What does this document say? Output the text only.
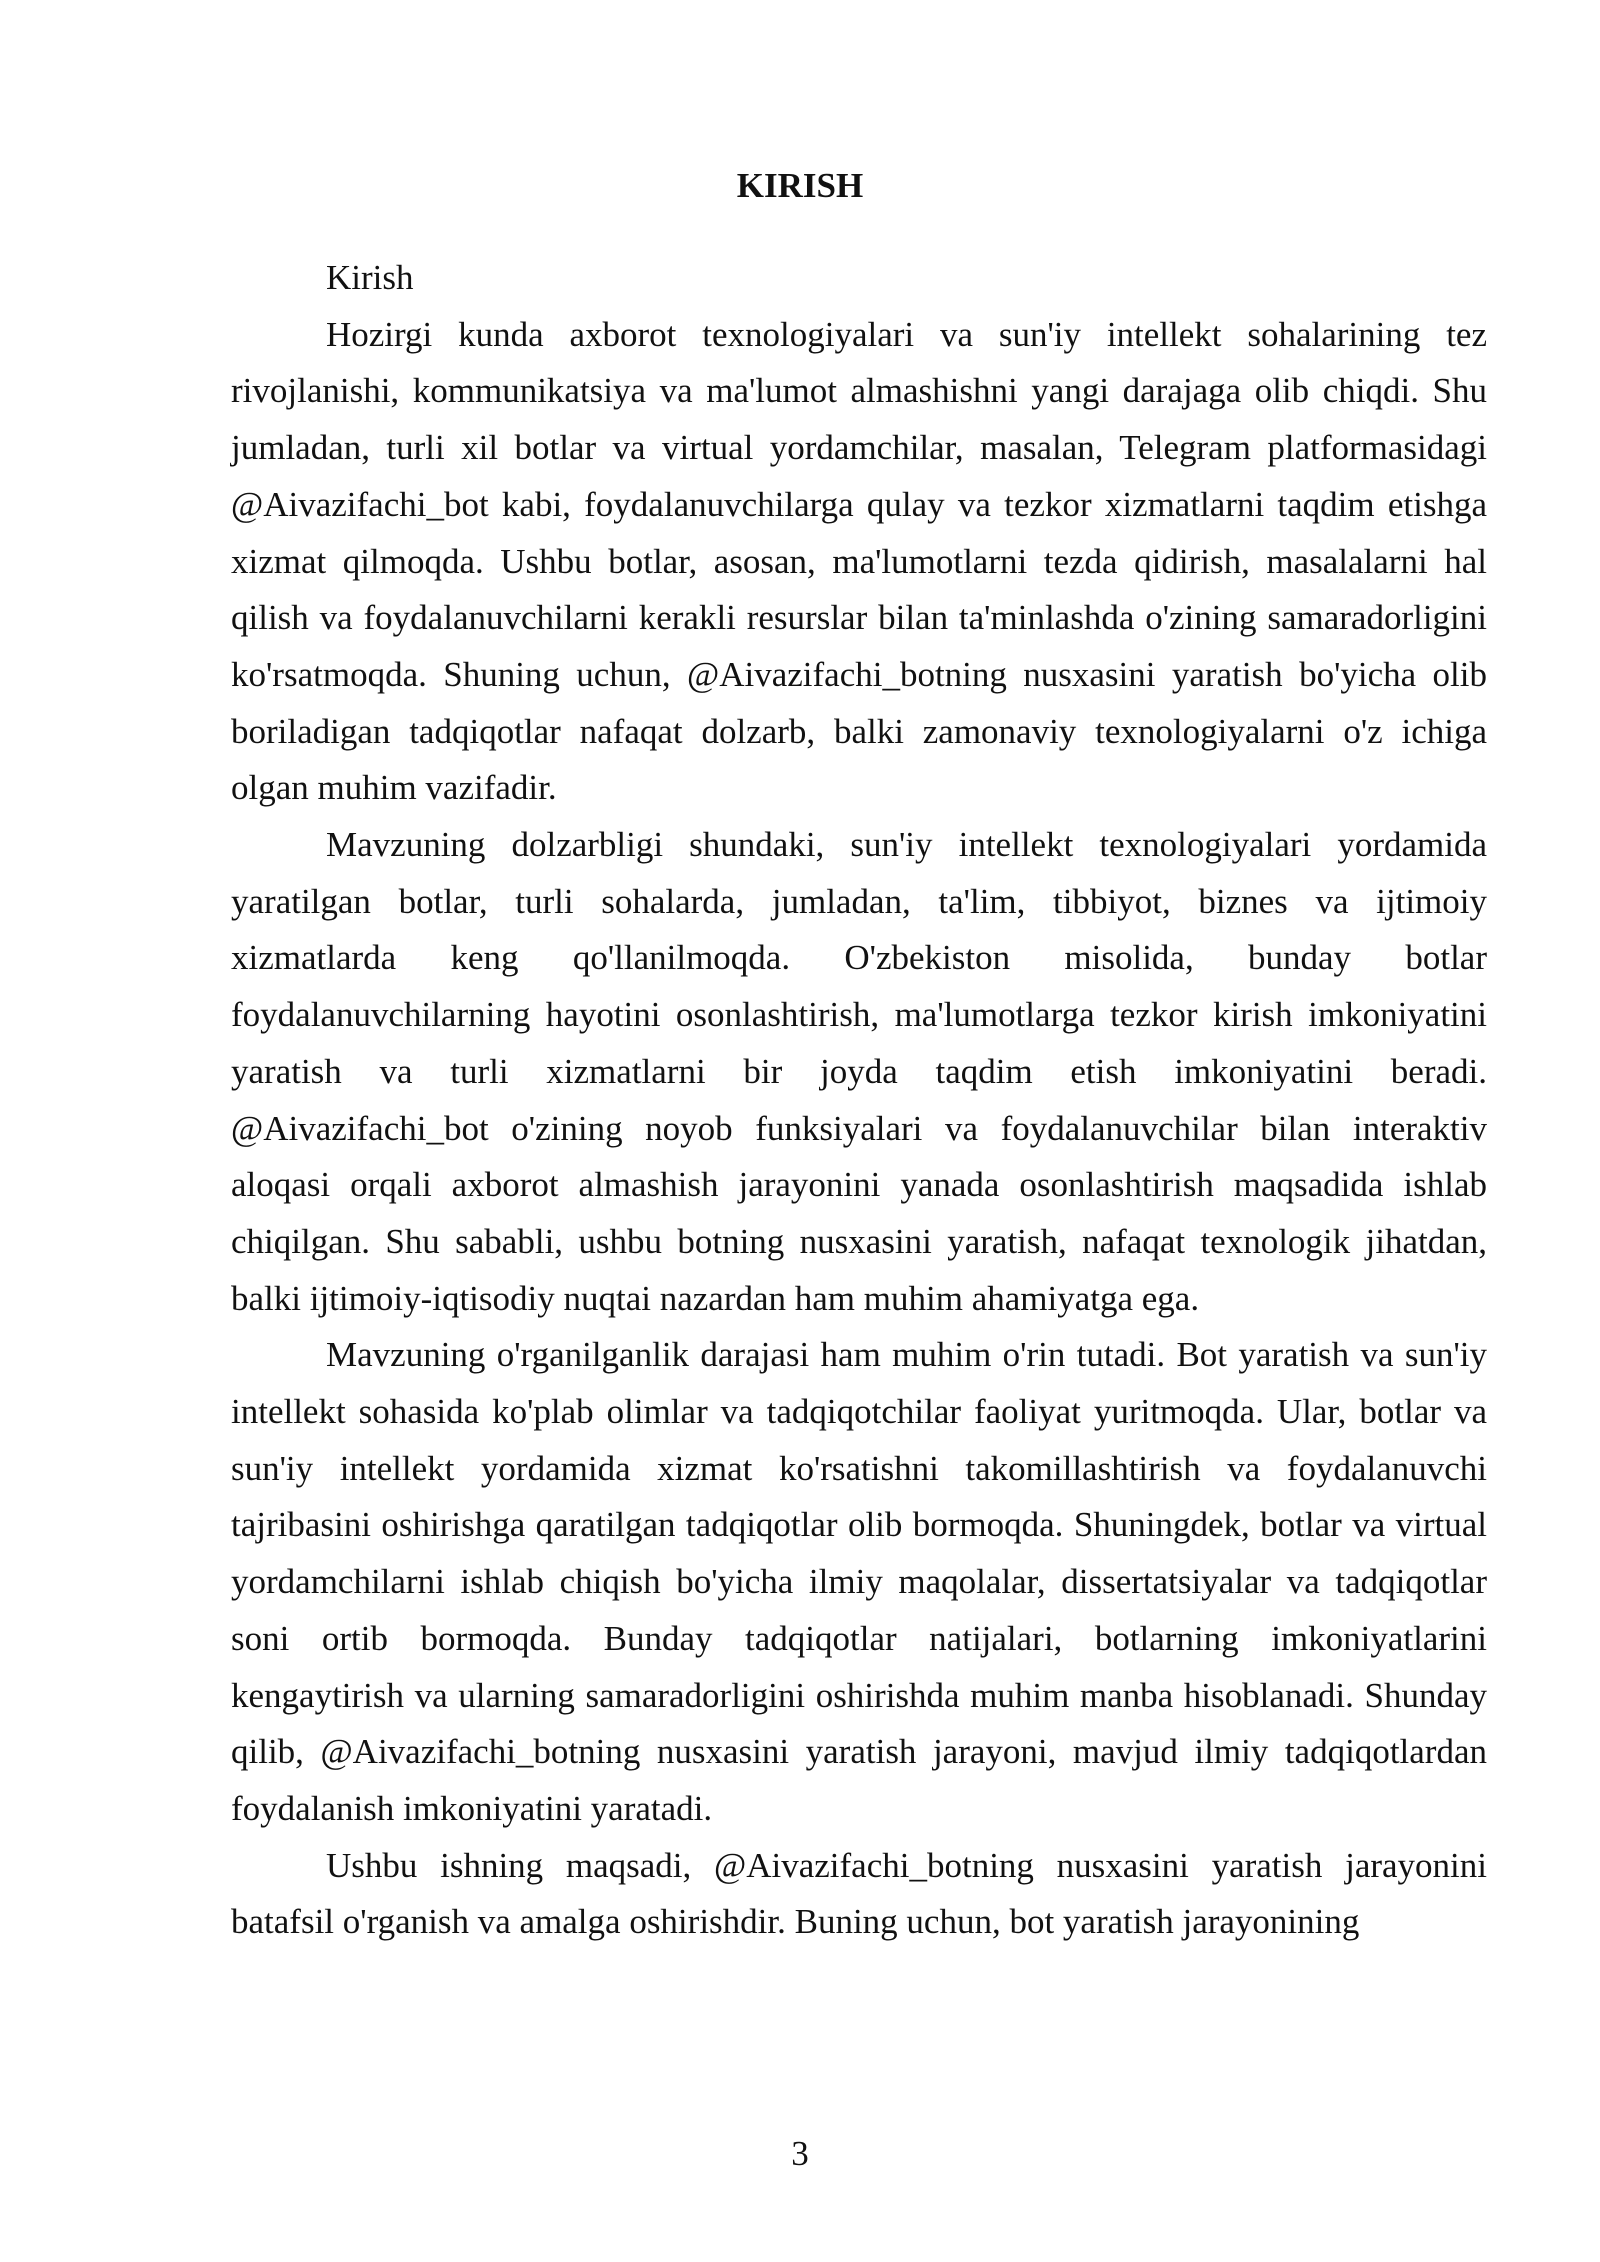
KIRISH

Kirish

Hozirgi kunda axborot texnologiyalari va sun'iy intellekt sohalarining tez rivojlanishi, kommunikatsiya va ma'lumot almashishni yangi darajaga olib chiqdi. Shu jumladan, turli xil botlar va virtual yordamchilar, masalan, Telegram platformasidagi @Aivazifachi_bot kabi, foydalanuvchilarga qulay va tezkor xizmatlarni taqdim etishga xizmat qilmoqda. Ushbu botlar, asosan, ma'lumotlarni tezda qidirish, masalalarni hal qilish va foydalanuvchilarni kerakli resurslar bilan ta'minlashda o'zining samaradorligini ko'rsatmoqda. Shuning uchun, @Aivazifachi_botning nusxasini yaratish bo'yicha olib boriladigan tadqiqotlar nafaqat dolzarb, balki zamonaviy texnologiyalarni o'z ichiga olgan muhim vazifadir.

Mavzuning dolzarbligi shundaki, sun'iy intellekt texnologiyalari yordamida yaratilgan botlar, turli sohalarda, jumladan, ta'lim, tibbiyot, biznes va ijtimoiy xizmatlarda keng qo'llanilmoqda. O'zbekiston misolida, bunday botlar foydalanuvchilarning hayotini osonlashtirish, ma'lumotlarga tezkor kirish imkoniyatini yaratish va turli xizmatlarni bir joyda taqdim etish imkoniyatini beradi. @Aivazifachi_bot o'zining noyob funksiyalari va foydalanuvchilar bilan interaktiv aloqasi orqali axborot almashish jarayonini yanada osonlashtirish maqsadida ishlab chiqilgan. Shu sababli, ushbu botning nusxasini yaratish, nafaqat texnologik jihatdan, balki ijtimoiy-iqtisodiy nuqtai nazardan ham muhim ahamiyatga ega.

Mavzuning o'rganilganlik darajasi ham muhim o'rin tutadi. Bot yaratish va sun'iy intellekt sohasida ko'plab olimlar va tadqiqotchilar faoliyat yuritmoqda. Ular, botlar va sun'iy intellekt yordamida xizmat ko'rsatishni takomillashtirish va foydalanuvchi tajribasini oshirishga qaratilgan tadqiqotlar olib bormoqda. Shuningdek, botlar va virtual yordamchilarni ishlab chiqish bo'yicha ilmiy maqolalar, dissertatsiyalar va tadqiqotlar soni ortib bormoqda. Bunday tadqiqotlar natijalari, botlarning imkoniyatlarini kengaytirish va ularning samaradorligini oshirishda muhim manba hisoblanadi. Shunday qilib, @Aivazifachi_botning nusxasini yaratish jarayoni, mavjud ilmiy tadqiqotlardan foydalanish imkoniyatini yaratadi.

Ushbu ishning maqsadi, @Aivazifachi_botning nusxasini yaratish jarayonini batafsil o'rganish va amalga oshirishdir. Buning uchun, bot yaratish jarayonining

3
